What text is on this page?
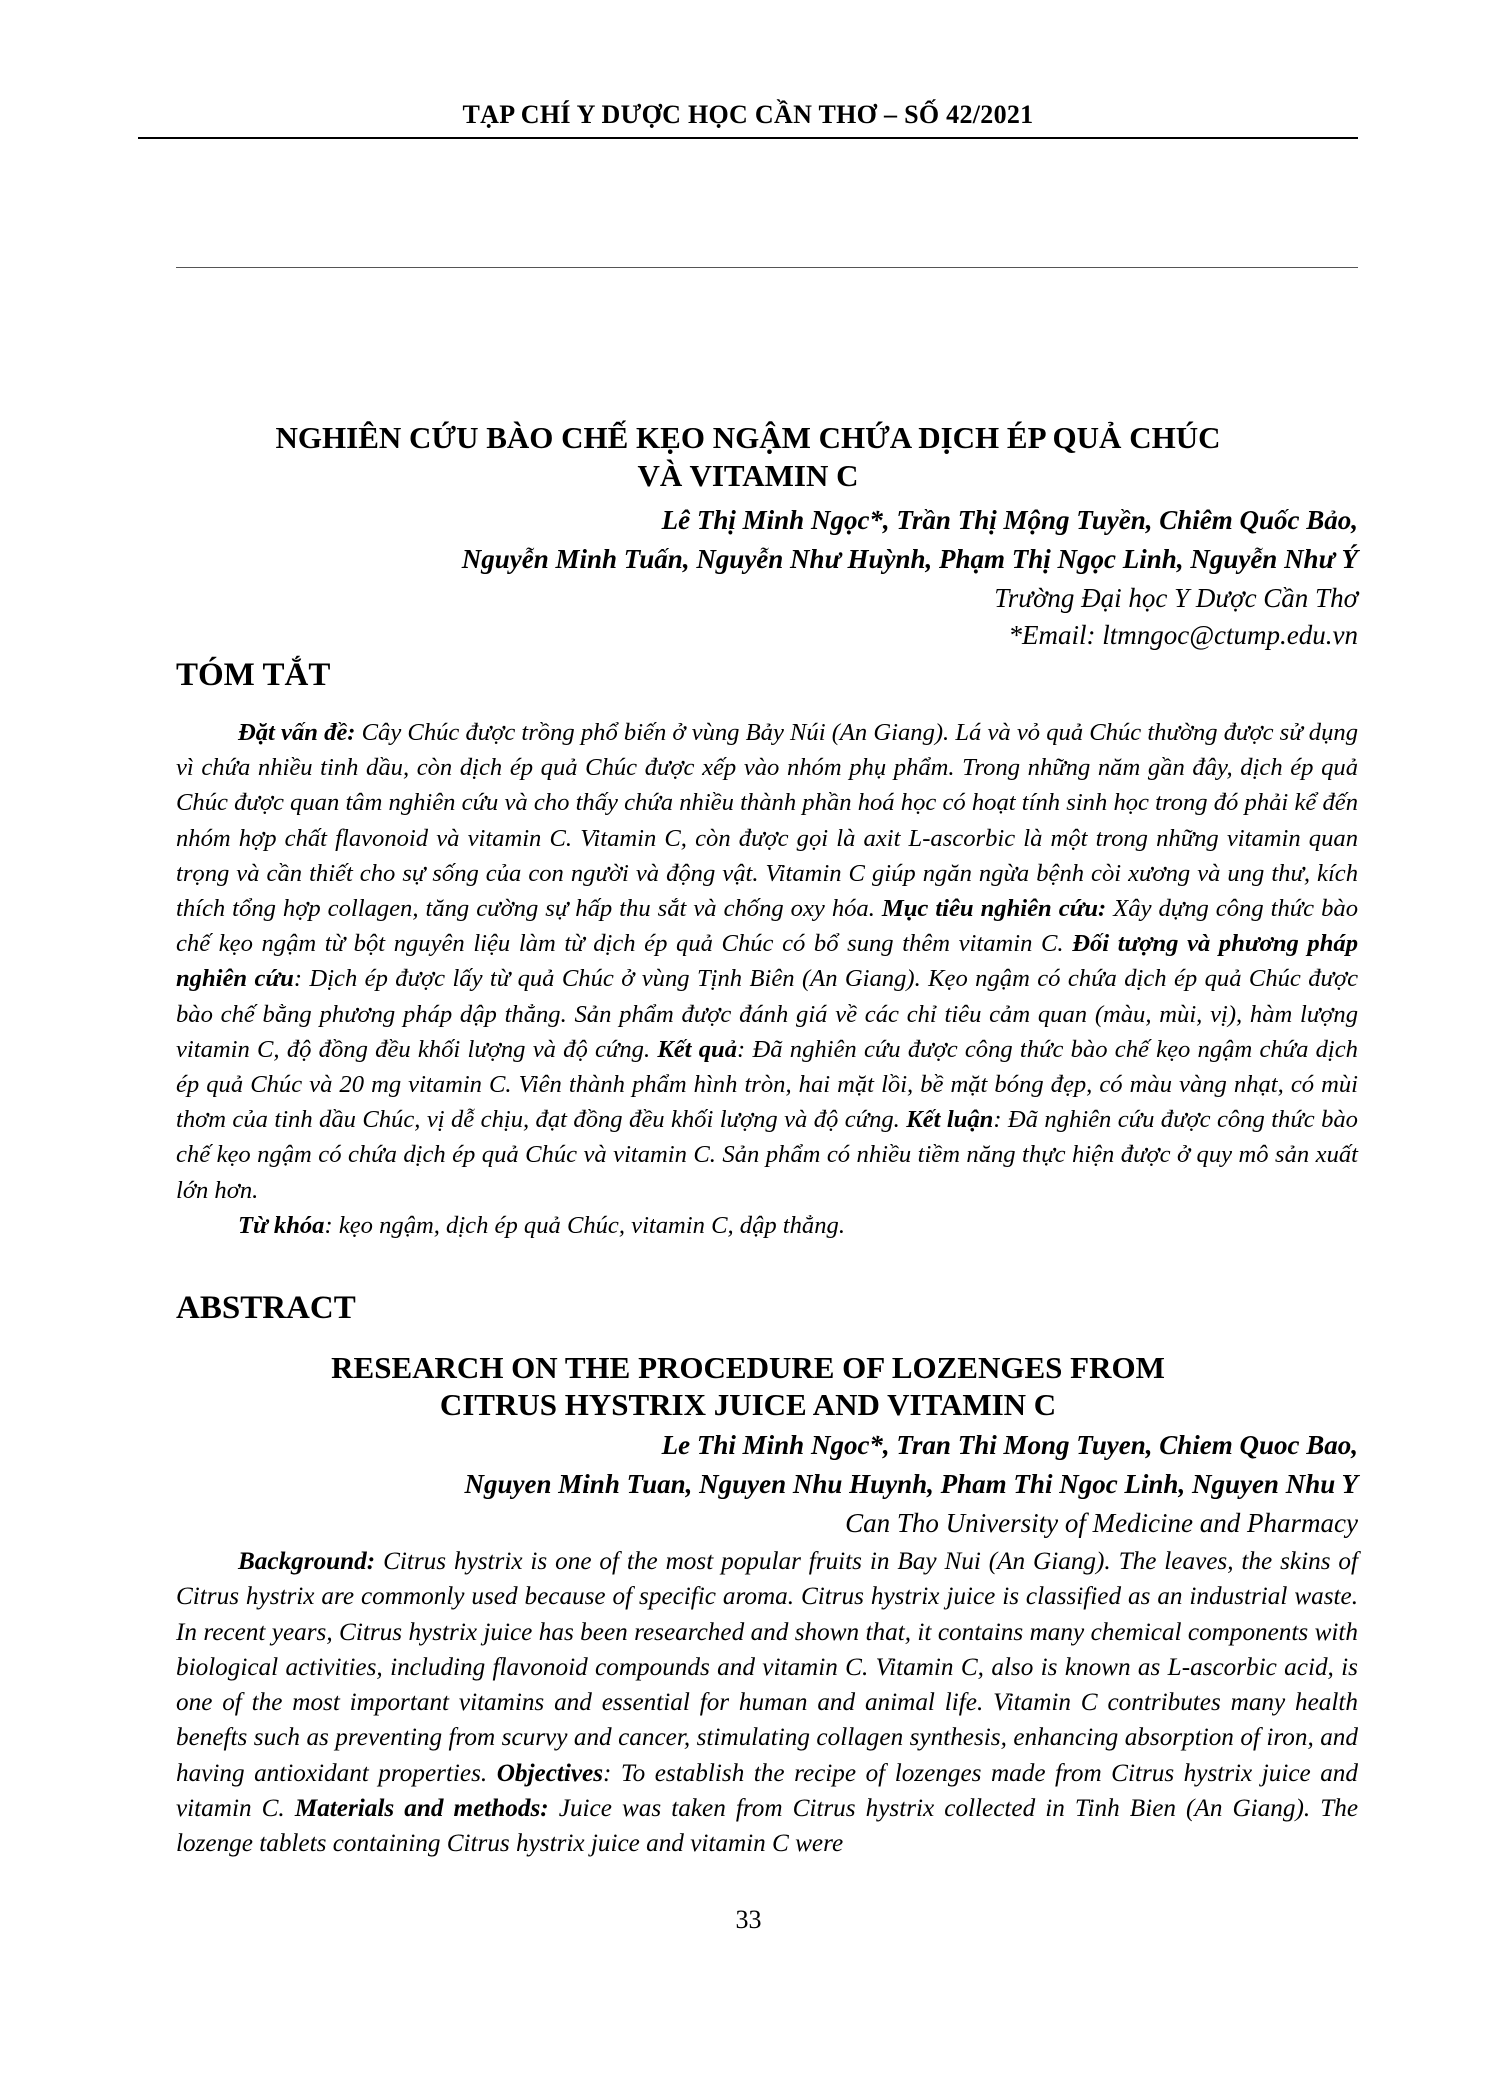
TẠP CHÍ Y DƯỢC HỌC CẦN THƠ – SỐ 42/2021
NGHIÊN CỨU BÀO CHẾ KẸO NGẬM CHỨA DỊCH ÉP QUẢ CHÚC
VÀ VITAMIN C
Lê Thị Minh Ngọc*, Trần Thị Mộng Tuyền, Chiêm Quốc Bảo,
Nguyễn Minh Tuấn, Nguyễn Như Huỳnh, Phạm Thị Ngọc Linh, Nguyễn Như Ý
Trường Đại học Y Dược Cần Thơ
*Email: ltmngoc@ctump.edu.vn
TÓM TẮT

Đặt vấn đề: Cây Chúc được trồng phổ biến ở vùng Bảy Núi (An Giang). Lá và vỏ quả Chúc thường được sử dụng vì chứa nhiều tinh dầu, còn dịch ép quả Chúc được xếp vào nhóm phụ phẩm. Trong những năm gần đây, dịch ép quả Chúc được quan tâm nghiên cứu và cho thấy chứa nhiều thành phần hoá học có hoạt tính sinh học trong đó phải kể đến nhóm hợp chất flavonoid và vitamin C. Vitamin C, còn được gọi là axit L-ascorbic là một trong những vitamin quan trọng và cần thiết cho sự sống của con người và động vật. Vitamin C giúp ngăn ngừa bệnh còi xương và ung thư, kích thích tổng hợp collagen, tăng cường sự hấp thu sắt và chống oxy hóa. Mục tiêu nghiên cứu: Xây dựng công thức bào chế kẹo ngậm từ bột nguyên liệu làm từ dịch ép quả Chúc có bổ sung thêm vitamin C. Đối tượng và phương pháp nghiên cứu: Dịch ép được lấy từ quả Chúc ở vùng Tịnh Biên (An Giang). Kẹo ngậm có chứa dịch ép quả Chúc được bào chế bằng phương pháp dập thẳng. Sản phẩm được đánh giá về các chỉ tiêu cảm quan (màu, mùi, vị), hàm lượng vitamin C, độ đồng đều khối lượng và độ cứng. Kết quả: Đã nghiên cứu được công thức bào chế kẹo ngậm chứa dịch ép quả Chúc và 20 mg vitamin C. Viên thành phẩm hình tròn, hai mặt lồi, bề mặt bóng đẹp, có màu vàng nhạt, có mùi thơm của tinh dầu Chúc, vị dễ chịu, đạt đồng đều khối lượng và độ cứng. Kết luận: Đã nghiên cứu được công thức bào chế kẹo ngậm có chứa dịch ép quả Chúc và vitamin C. Sản phẩm có nhiều tiềm năng thực hiện được ở quy mô sản xuất lớn hơn.

Từ khóa: kẹo ngậm, dịch ép quả Chúc, vitamin C, dập thẳng.

ABSTRACT
RESEARCH ON THE PROCEDURE OF LOZENGES FROM
CITRUS HYSTRIX JUICE AND VITAMIN C
Le Thi Minh Ngoc*, Tran Thi Mong Tuyen, Chiem Quoc Bao,
Nguyen Minh Tuan, Nguyen Nhu Huynh, Pham Thi Ngoc Linh, Nguyen Nhu Y
Can Tho University of Medicine and Pharmacy

Background: Citrus hystrix is one of the most popular fruits in Bay Nui (An Giang). The leaves, the skins of Citrus hystrix are commonly used because of specific aroma. Citrus hystrix juice is classified as an industrial waste. In recent years, Citrus hystrix juice has been researched and shown that, it contains many chemical components with biological activities, including flavonoid compounds and vitamin C. Vitamin C, also is known as L-ascorbic acid, is one of the most important vitamins and essential for human and animal life. Vitamin C contributes many health benefts such as preventing from scurvy and cancer, stimulating collagen synthesis, enhancing absorption of iron, and having antioxidant properties. Objectives: To establish the recipe of lozenges made from Citrus hystrix juice and vitamin C. Materials and methods: Juice was taken from Citrus hystrix collected in Tinh Bien (An Giang). The lozenge tablets containing Citrus hystrix juice and vitamin C were

33
